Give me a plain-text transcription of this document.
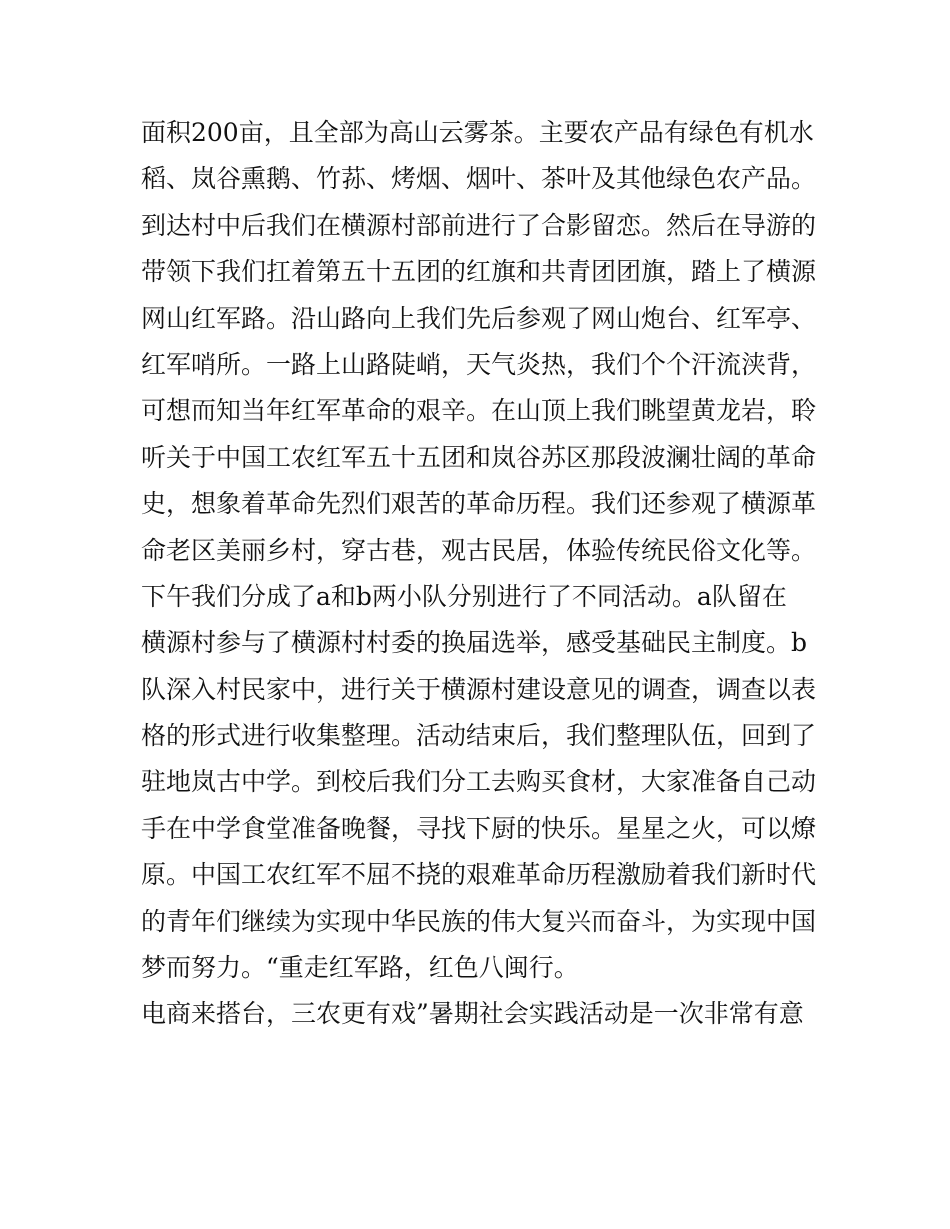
面积200亩，且全部为高山云雾茶。主要农产品有绿色有机水
稻、岚谷熏鹅、竹荪、烤烟、烟叶、茶叶及其他绿色农产品。
到达村中后我们在横源村部前进行了合影留恋。然后在导游的
带领下我们扛着第五十五团的红旗和共青团团旗，踏上了横源
网山红军路。沿山路向上我们先后参观了网山炮台、红军亭、
红军哨所。一路上山路陡峭，天气炎热，我们个个汗流浃背，
可想而知当年红军革命的艰辛。在山顶上我们眺望黄龙岩，聆
听关于中国工农红军五十五团和岚谷苏区那段波澜壮阔的革命
史，想象着革命先烈们艰苦的革命历程。我们还参观了横源革
命老区美丽乡村，穿古巷，观古民居，体验传统民俗文化等。
下午我们分成了a和b两小队分别进行了不同活动。a队留在
横源村参与了横源村村委的换届选举，感受基础民主制度。b
队深入村民家中，进行关于横源村建设意见的调查，调查以表
格的形式进行收集整理。活动结束后，我们整理队伍，回到了
驻地岚古中学。到校后我们分工去购买食材，大家准备自己动
手在中学食堂准备晚餐，寻找下厨的快乐。星星之火，可以燎
原。中国工农红军不屈不挠的艰难革命历程激励着我们新时代
的青年们继续为实现中华民族的伟大复兴而奋斗，为实现中国
梦而努力。“重走红军路，红色八闽行。
电商来搭台，三农更有戏”暑期社会实践活动是一次非常有意
